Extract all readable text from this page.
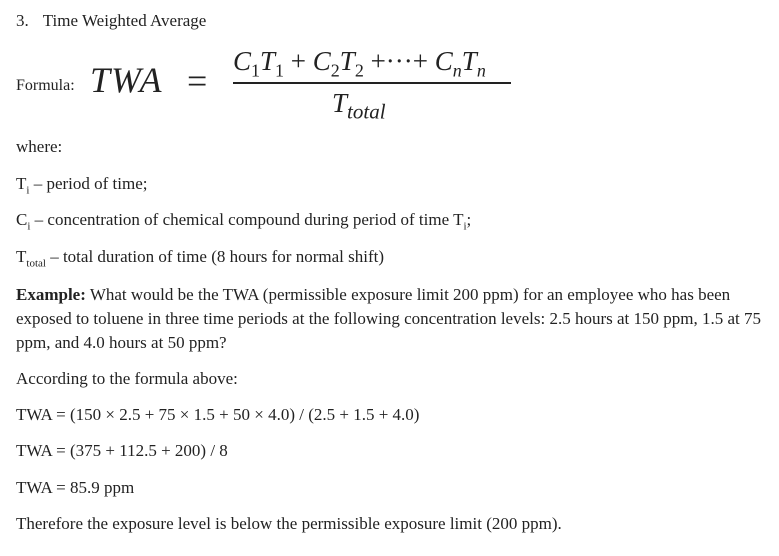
3. Time Weighted Average
Formula: TWA = $C_1T_1 + C_2T_2$ +···+ $C_nT_n$
$T_{total}$
where:
$T_i$ – period of time;
$C_i$ – concentration of chemical compound during period of time $T_i$;
$T_{total}$ – total duration of time (8 hours for normal shift)
Example: What would be the TWA (permissible exposure limit 200 ppm) for an employee who has been exposed to toluene in three time periods at the following concentration levels: 2.5 hours at 150 ppm, 1.5 at 75 ppm, and 4.0 hours at 50 ppm?
According to the formula above:
TWA = (150 × 2.5 + 75 × 1.5 + 50 × 4.0) / (2.5 + 1.5 + 4.0)
TWA = (375 + 112.5 + 200) / 8
TWA = 85.9 ppm
Therefore the exposure level is below the permissible exposure limit (200 ppm).
